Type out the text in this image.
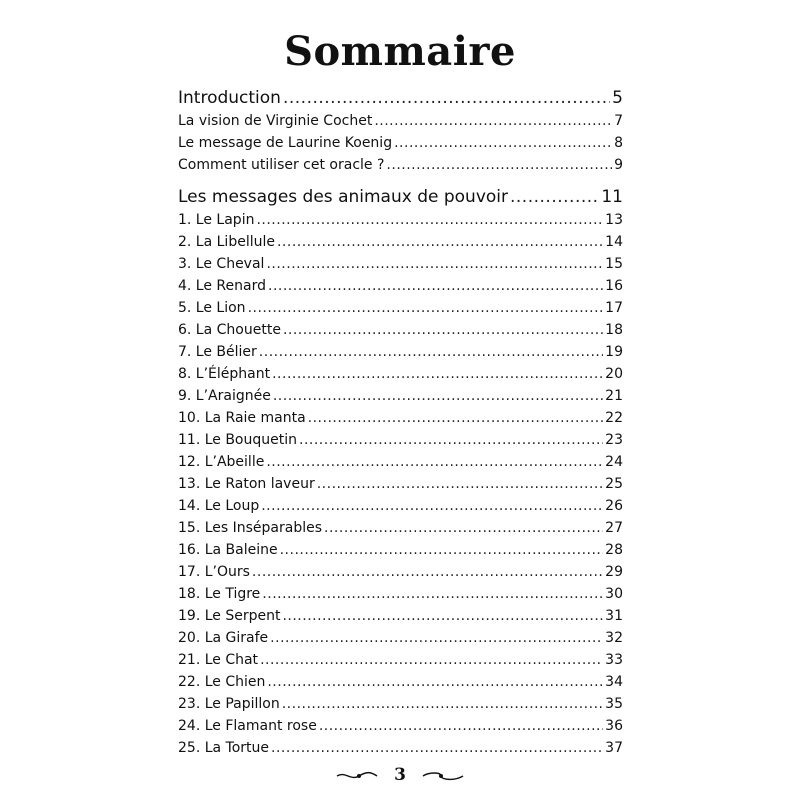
Sommaire
Introduction .....	5
La vision de Virginie Cochet .....	7
Le message de Laurine Koenig .....	8
Comment utiliser cet oracle ? .....	9
Les messages des animaux de pouvoir .....	11
1. Le Lapin .....	13
2. La Libellule .....	14
3. Le Cheval .....	15
4. Le Renard .....	16
5. Le Lion .....	17
6. La Chouette .....	18
7. Le Bélier .....	19
8. L’Éléphant .....	20
9. L’Araignée .....	21
10. La Raie manta .....	22
11. Le Bouquetin .....	23
12. L’Abeille .....	24
13. Le Raton laveur .....	25
14. Le Loup .....	26
15. Les Inséparables .....	27
16. La Baleine .....	28
17. L’Ours .....	29
18. Le Tigre .....	30
19. Le Serpent .....	31
20. La Girafe .....	32
21. Le Chat .....	33
22. Le Chien .....	34
23. Le Papillon .....	35
24. Le Flamant rose .....	36
25. La Tortue .....	37
3
